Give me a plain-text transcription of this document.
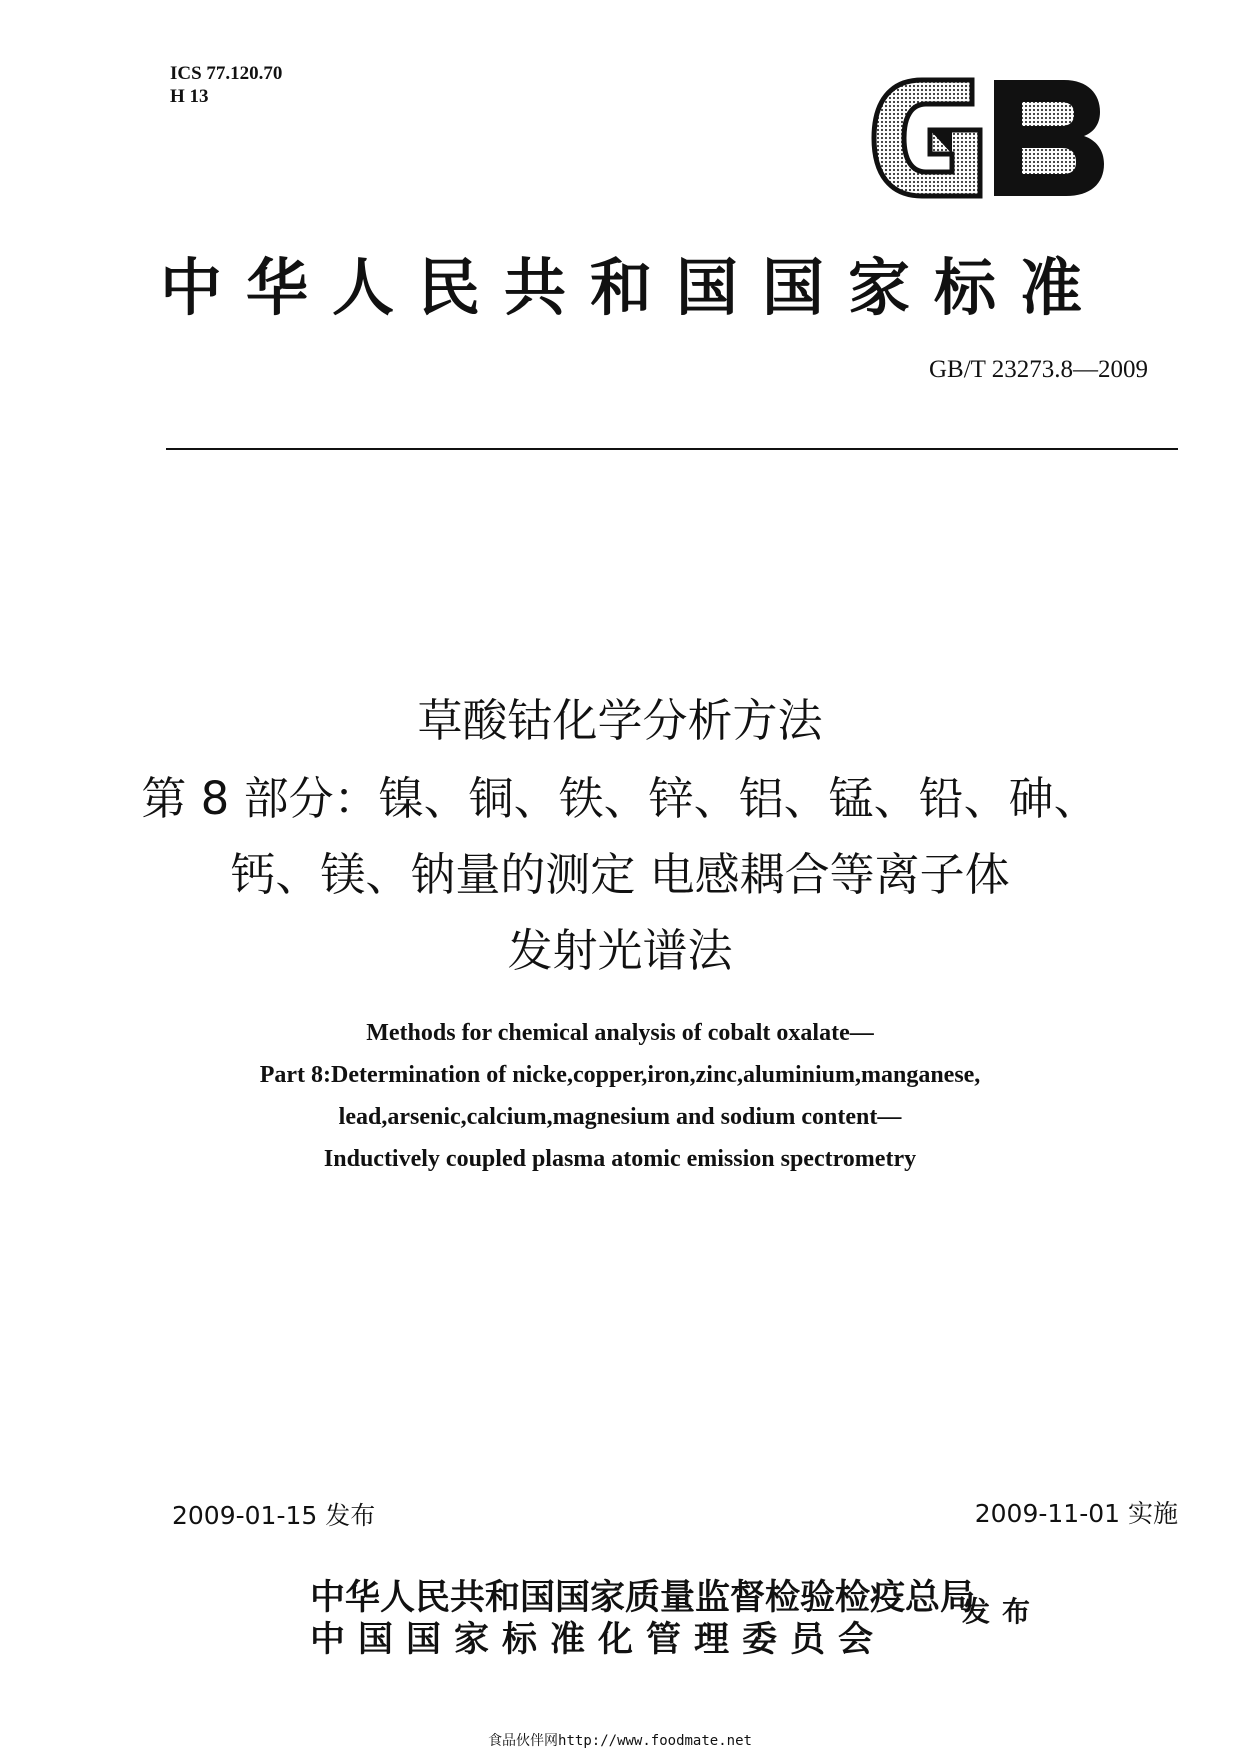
ICS 77.120.70
H 13
中华人民共和国国家标准
GB/T 23273.8—2009
草酸钴化学分析方法
第 8 部分：镍、铜、铁、锌、铝、锰、铅、砷、
钙、镁、钠量的测定 电感耦合等离子体
发射光谱法
Methods for chemical analysis of cobalt oxalate—
Part 8:Determination of nicke,copper,iron,zinc,aluminium,manganese,
lead,arsenic,calcium,magnesium and sodium content—
Inductively coupled plasma atomic emission spectrometry
2009-01-15 发布	2009-11-01 实施
中华人民共和国国家质量监督检验检疫总局
中国国家标准化管理委员会
发布
食品伙伴网http://www.foodmate.net
